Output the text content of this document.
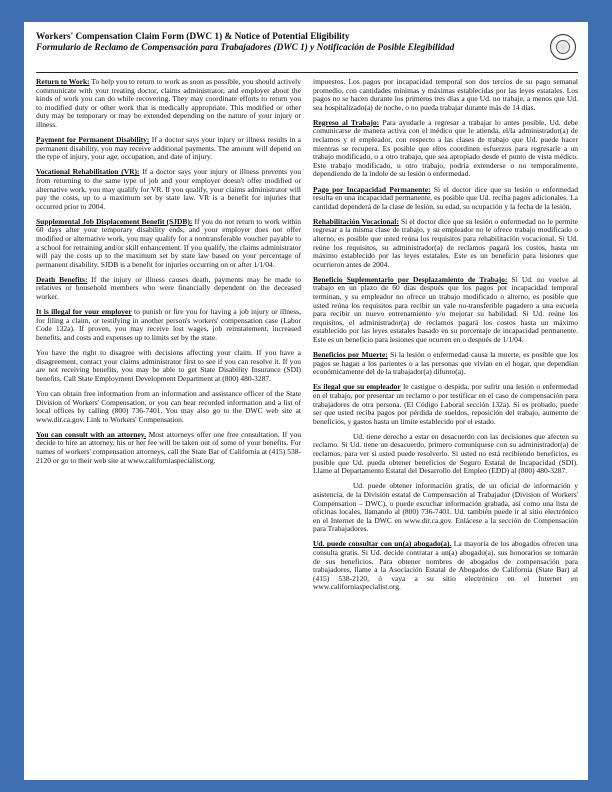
Workers' Compensation Claim Form (DWC 1) & Notice of Potential Eligibility
Formulario de Reclamo de Compensación para Trabajadores (DWC 1) y Notificación de Posible Elegibilidad

Return to Work: To help you to return to work as soon as possible, you should actively communicate with your treating doctor, claims administrator, and employer about the kinds of work you can do while recovering. They may coordinate efforts to return you to modified duty or other work that is medically appropriate. This modified or other duty may be temporary or may be extended depending on the nature of your injury or illness.

Payment for Permanent Disability: If a doctor says your injury or illness results in a permanent disability, you may receive additional payments. The amount will depend on the type of injury, your age, occupation, and date of injury.

Vocational Rehabilitation (VR): If a doctor says your injury or illness prevents you from returning to the same type of job and your employer doesn't offer modified or alternative work, you may qualify for VR. If you qualify, your claims administrator will pay the costs, up to a maximum set by state law. VR is a benefit for injuries that occurred prior to 2004.

Supplemental Job Displacement Benefit (SJDB): If you do not return to work within 60 days after your temporary disability ends, and your employer does not offer modified or alternative work, you may qualify for a nontransferable voucher payable to a school for retraining and/or skill enhancement. If you qualify, the claims administrator will pay the costs up to the maximum set by state law based on your percentage of permanent disability. SJDB is a benefit for injuries occurring on or after 1/1/04.

Death Benefits: If the injury or illness causes death, payments may be made to relatives or household members who were financially dependent on the deceased worker.

It is illegal for your employer to punish or fire you for having a job injury or illness, for filing a claim, or testifying in another person's workers' compensation case (Labor Code 132a). If proven, you may receive lost wages, job reinstatement, increased benefits, and costs and expenses up to limits set by the state.

You have the right to disagree with decisions affecting your claim. If you have a disagreement, contact your claims administrator first to see if you can resolve it. If you are not receiving benefits, you may be able to get State Disability Insurance (SDI) benefits. Call State Employment Development Department at (800) 480-3287.

You can obtain free information from an information and assistance officer of the State Division of Workers' Compensation, or you can hear recorded information and a list of local offices by calling (800) 736-7401. You may also go to the DWC web site at www.dir.ca.gov. Link to Workers' Compensation.

You can consult with an attorney. Most attorneys offer one free consultation. If you decide to hire an attorney, his or her fee will be taken out of some of your benefits. For names of workers' compensation attorneys, call the State Bar of California at (415) 538-2120 or go to their web site at www.californiaspecialist.org.

impuestos. Los pagos por incapacidad temporal son dos tercios de su pago semanal promedio, con cantidades mínimas y máximas establecidas por las leyes estatales. Los pagos no se hacen durante los primeros tres días a que Ud. no trabaje, a menos que Ud. sea hospitalizado(a) de noche, o no pueda trabajar durante más de 14 días.

Regreso al Trabajo: Para ayudarle a regresar a trabajar lo antes posible, Ud. debe comunicarse de manera activa con el médico que le atienda, el/la administrador(a) de reclamos y el empleador, con respecto a las clases de trabajo que Ud. puede hacer mientras se recupera. Es posible que ellos coordinen esfuerzos para regresarle a un trabajo modificado, o a otro trabajo, que sea apropiado desde el punto de vista médico. Este trabajo modificado, u otro trabajo, podría extenderse o no temporalmente, dependiendo de la índole de su lesión o enfermedad.

Pago por Incapacidad Permanente: Si el doctor dice que su lesión o enfermedad resulta en una incapacidad permanente, es posible que Ud. reciba pagos adicionales. La cantidad dependerá de la clase de lesión, su edad, su ocupación y la fecha de la lesión.

Rehabilitación Vocacional: Si el doctor dice que su lesión o enfermedad no le permite regresar a la misma clase de trabajo, y su empleador no le ofrece trabajo modificado o alterno, es posible que usted reúna los requisitos para rehabilitación vocacional. Si Ud. reúne los requisitos, su administrador(a) de reclamos pagará los costos, hasta un máximo establecido por las leyes estatales. Este es un beneficio para lesiones que ocurrieron antes de 2004.

Beneficio Suplementario por Desplazamiento de Trabajo: Si Ud. no vuelve al trabajo en un plazo de 60 días después que los pagos por incapacidad temporal terminan, y su empleador no ofrece un trabajo modificado o alterno, es posible que usted reúna los requisitos para recibir un vale no-transferible pagadero a una escuela para recibir un nuevo entrenamiento y/o mejorar su habilidad. Si Ud. reúne los requisitos, el administrador(a) de reclamos pagará los costos hasta un máximo establecido por las leyes estatales basado en su porcentaje de incapacidad permanente. Este es un beneficio para lesiones que ocurren en o después de 1/1/04.

Beneficios por Muerte: Si la lesión o enfermedad causa la muerte, es posible que los pagos se hagan a los parientes o a las personas que vivían en el hogar, que dependían económicamente del de la trabajador(a) difunto(a).

Es ilegal que su empleador le castigue o despida, por sufrir una lesión o enfermedad en el trabajo, por presentar un reclamo o por testificar en el caso de compensación para trabajadores de otra persona. (El Código Laboral sección 132a). Si es probado, puede ser que usted reciba pagos por pérdida de sueldos, reposición del trabajo, aumento de beneficios, y gastos hasta un límite establecido por el estado.

Ud. tiene derecho a estar en desacuerdo con las decisiones que afecten su reclamo. Si Ud. tiene un desacuerdo, primero comuníquese con su administrador(a) de reclamos, para ver si usted puede resolverlo. Si usted no está recibiendo beneficios, es posible que Ud. pueda obtener beneficios de Seguro Estatal de Incapacidad (SDI). Llame al Departamento Estatal del Desarrollo del Empleo (EDD) al (800) 480-3287.

Ud. puede obtener información gratis, de un oficial de información y asistencia, de la División estatal de Compensación al Trabajador (Division of Workers' Compensation – DWC), o puede escuchar información grabada, así como una lista de oficinas locales, llamando al (800) 736-7401. Ud. también puede ir al sitio electrónico en el Internet de la DWC en www.dir.ca.gov. Enlácese a la sección de Compensación para Trabajadores.

Ud. puede consultar con un(a) abogado(a). La mayoría de los abogados ofrecen una consulta gratis. Si Ud. decide contratar a un(a) abogado(a), sus honorarios se tomarán de sus beneficios. Para obtener nombres de abogados de compensación para trabajadores, llame a la Asociación Estatal de Abogados de California (State Bar) al (415) 538-2120, ó vaya a su sitio electrónico en el Internet en www.californiaspecialist.org.
